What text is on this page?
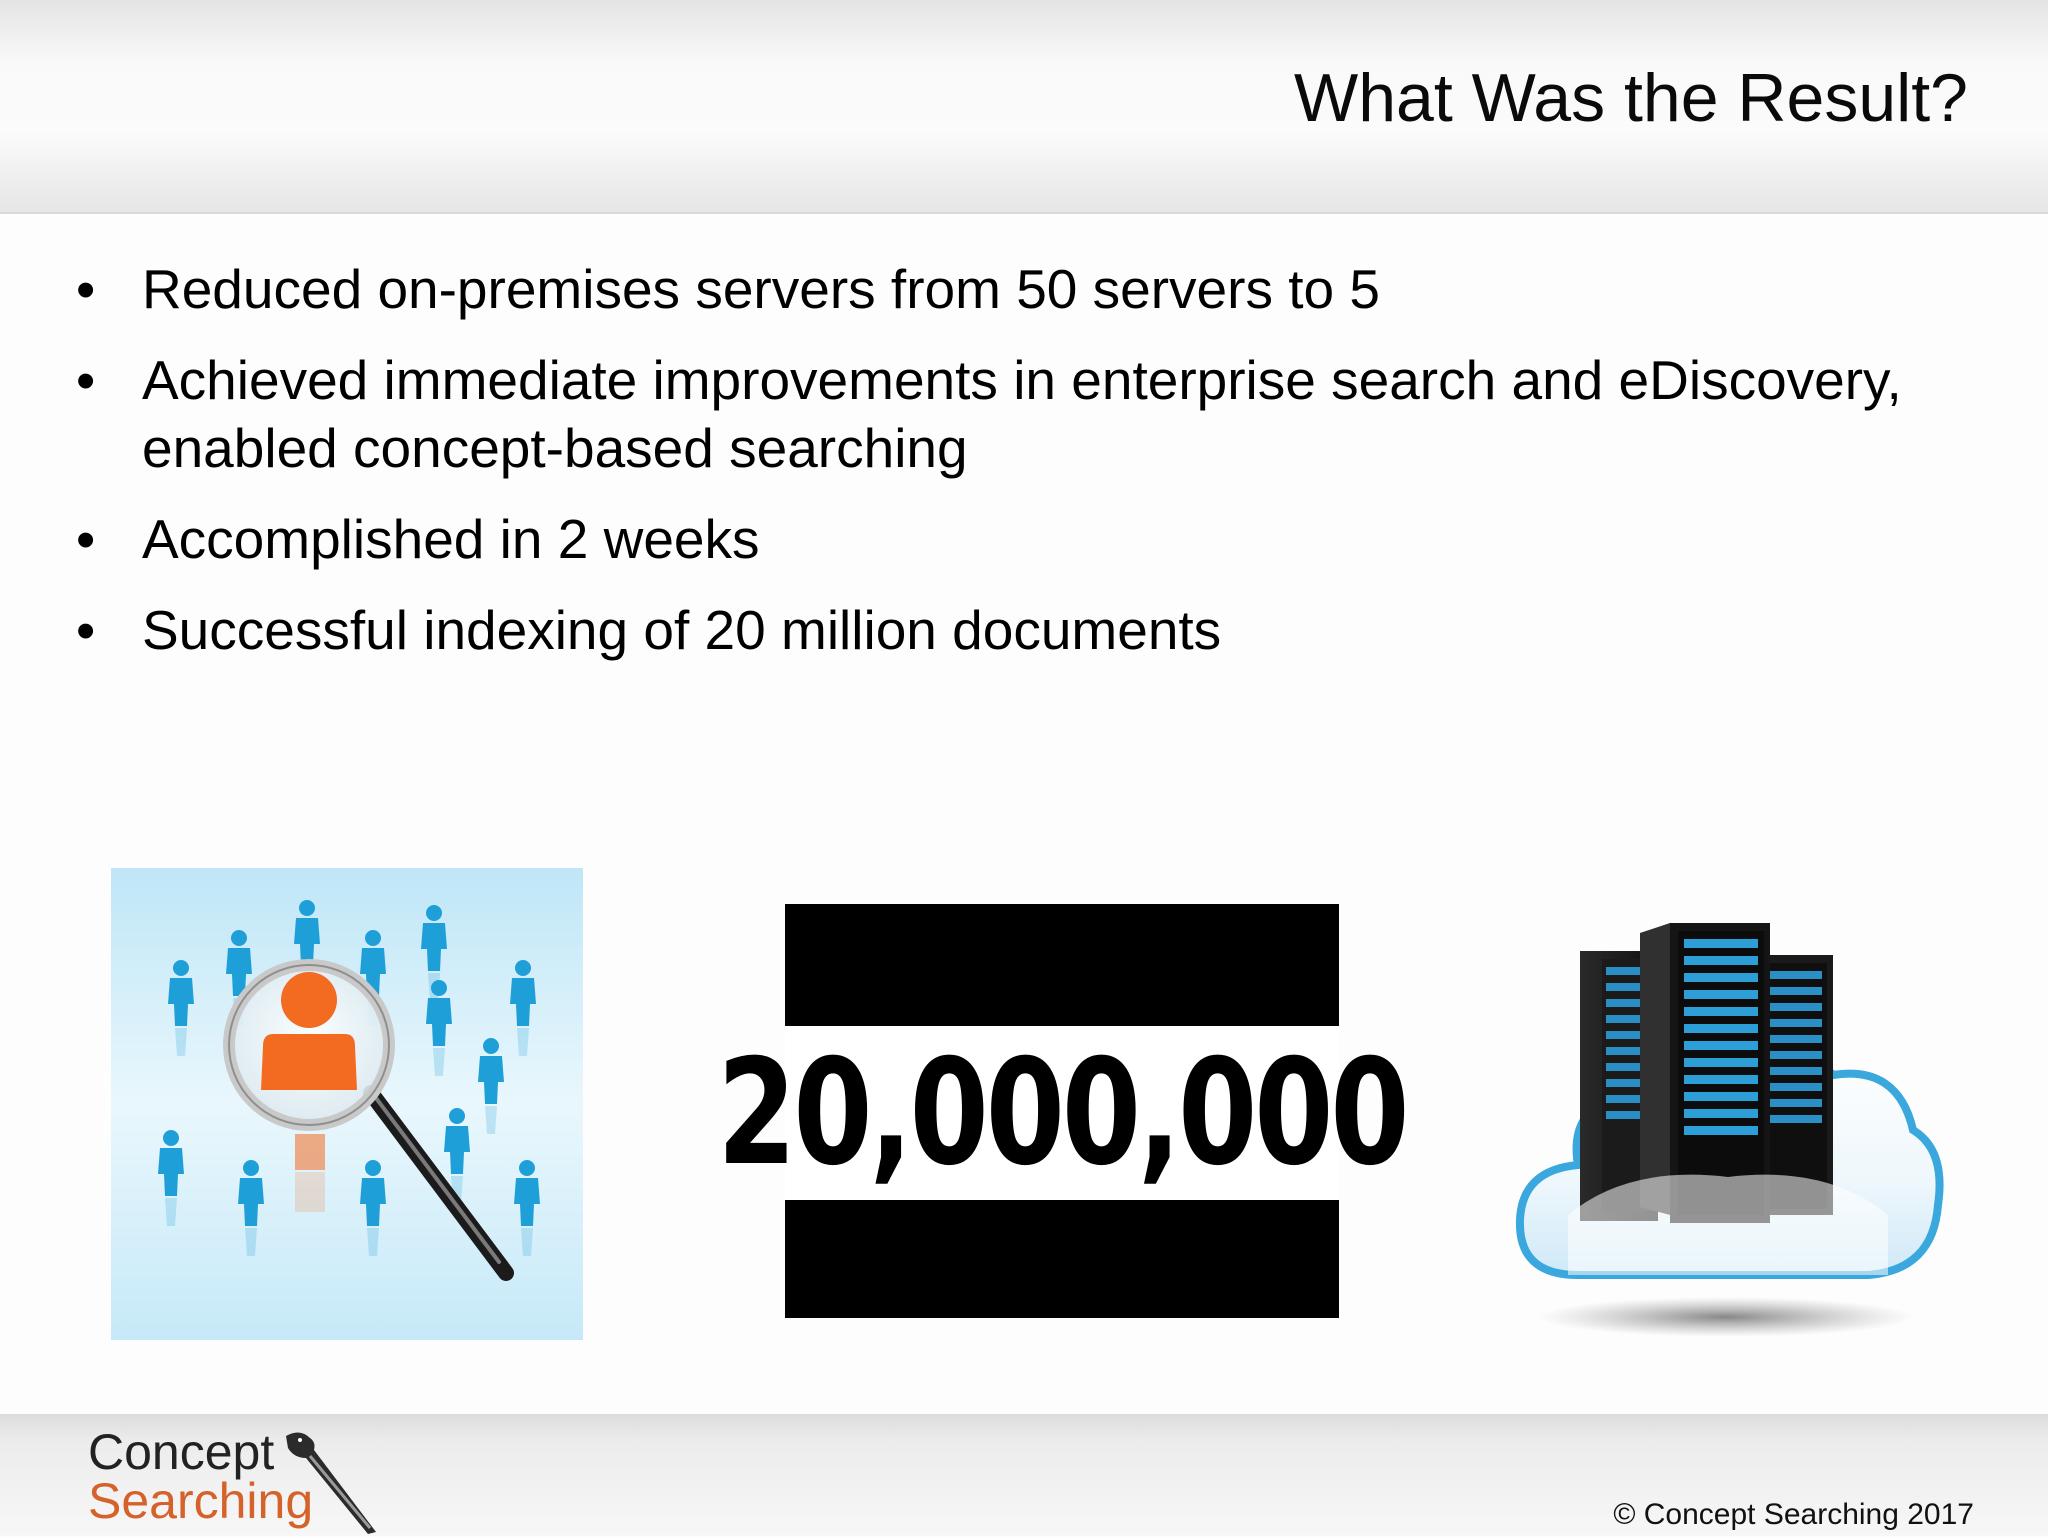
What Was the Result?
• Reduced on-premises servers from 50 servers to 5
• Achieved immediate improvements in enterprise search and eDiscovery, enabled concept-based searching
• Accomplished in 2 weeks
• Successful indexing of 20 million documents
20,000,000
Concept
Searching	© Concept Searching 2017
